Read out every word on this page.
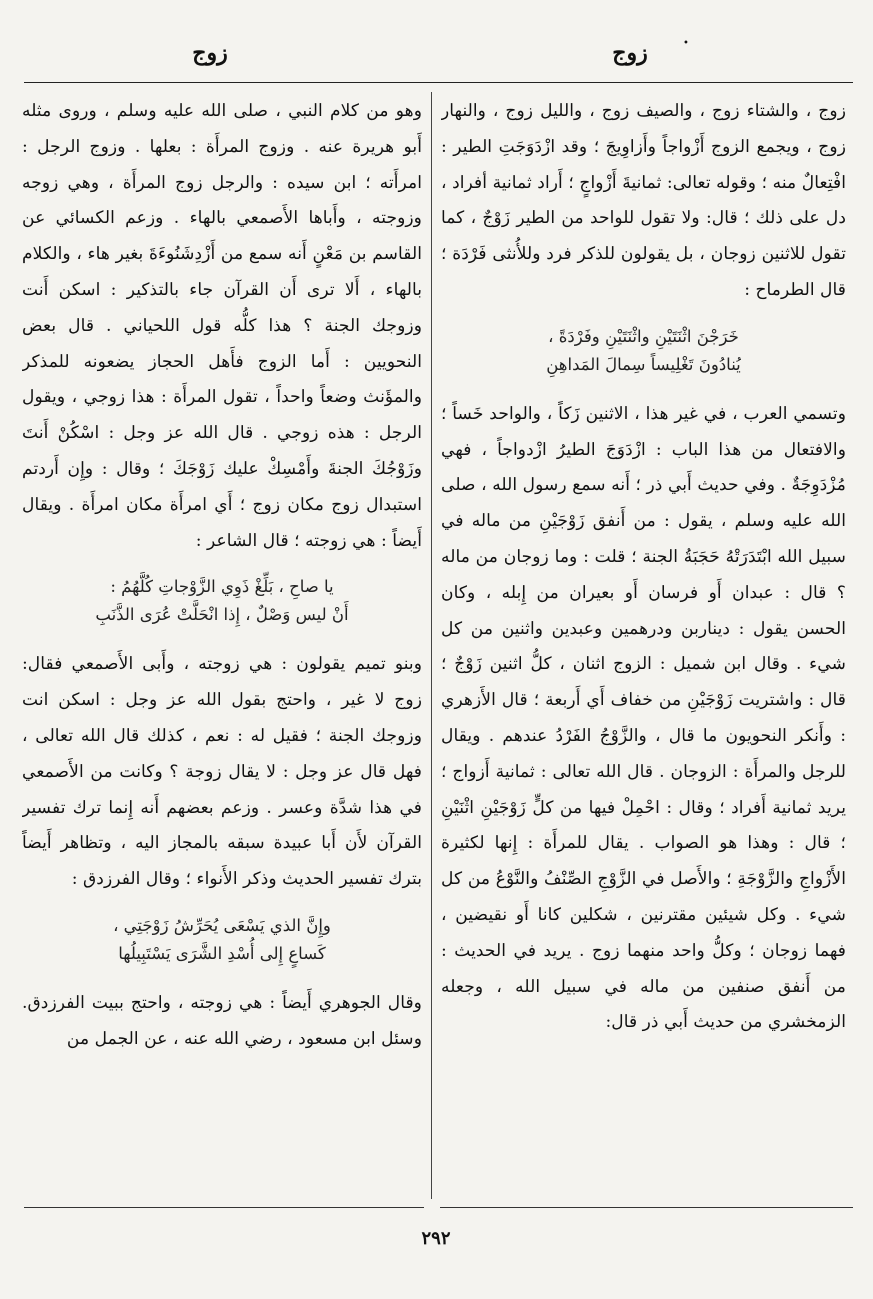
زوج	•
زوج

زوج ، والشتاء زوج ، والصيف زوج ، والليل زوج ، والنهار زوج ، ويجمع الزوج أَزْواجاً وأَزاوِيجَ ؛ وقد ازْدَوَجَتِ الطير : افْتِعالٌ منه ؛ وقوله تعالى: ثمانيةَ أَزْواجٍ ؛ أَراد ثمانية أفراد ، دل على ذلك ؛ قال: ولا تقول للواحد من الطير زَوْجٌ ، كما تقول للاثنين زوجان ، بل يقولون للذكر فرد وللأُنثى فَرْدَة ؛ قال الطرماح :

خَرَجْنَ اثْنَتَيْنِ واثْنَتَيْنِ وفَرْدَةً ،
يُنادُونَ تَغْلِيساً سِمالَ المَداهِنِ

وتسمي العرب ، في غير هذا ، الاثنين زَكاً ، والواحد خَساً ؛ والافتعال من هذا الباب : ازْدَوَجَ الطيرُ ازْدواجاً ، فهي مُزْدَوِجَةٌ . وفي حديث أَبي ذر ؛ أَنه سمع رسول الله ، صلى الله عليه وسلم ، يقول : من أَنفق زَوْجَيْنِ من ماله في سبيل الله ابْتَدَرَتْهُ حَجَبَةُ الجنة ؛ قلت : وما زوجان من ماله ؟ قال : عبدان أَو فرسان أَو بعيران من إِبله ، وكان الحسن يقول : ديناربن ودرهمين وعبدين واثنين من كل شيء . وقال ابن شميل : الزوج اثنان ، كلُّ اثنين زَوْجٌ ؛ قال : واشتريت زَوْجَيْنِ من خفاف أَي أَربعة ؛ قال الأَزهري : وأَنكر النحويون ما قال ، والزَّوْجُ الفَرْدُ عندهم . ويقال للرجل والمرأَة : الزوجان . قال الله تعالى : ثمانية أَزواج ؛ يريد ثمانية أَفراد ؛ وقال : احْمِلْ فيها من كلٍّ زَوْجَيْنِ اثْنَيْنِ ؛ قال : وهذا هو الصواب . يقال للمرأَة : إِنها لكثيرة الأَزْواجِ والزَّوْجَةِ ؛ والأَصل في الزَّوْجِ الصِّنْفُ والنَّوْعُ من كل شيء . وكل شيئين مقترنين ، شكلين كانا أَو نقيضين ، فهما زوجان ؛ وكلُّ واحد منهما زوج . يريد في الحديث : من أَنفق صنفين من ماله في سبيل الله ، وجعله الزمخشري من حديث أَبي ذر قال:

وهو من كلام النبي ، صلى الله عليه وسلم ، وروى مثله أَبو هريرة عنه . وزوج المرأَة : بعلها . وزوج الرجل : امرأَته ؛ ابن سيده : والرجل زوج المرأَة ، وهي زوجه وزوجته ، وأَباها الأَصمعي بالهاء . وزعم الكسائي عن القاسم بن مَعْنٍ أَنه سمع من أَزْدِشَنُوءَةَ بغير هاء ، والكلام بالهاء ، أَلا ترى أَن القرآن جاء بالتذكير : اسكن أَنت وزوجك الجنة ؟ هذا كلُّه قول اللحياني . قال بعض النحويين : أَما الزوج فأَهل الحجاز يضعونه للمذكر والمؤَنث وضعاً واحداً ، تقول المرأَة : هذا زوجي ، ويقول الرجل : هذه زوجي . قال الله عز وجل : اسْكُنْ أَنتَ وزَوْجُكَ الجنةَ وأَمْسِكْ عليك زَوْجَكَ ؛ وقال : وإِن أَردتم استبدال زوج مكان زوج ؛ أَي امرأَة مكان امرأَة . ويقال أَيضاً : هي زوجته ؛ قال الشاعر :

يا صاحِ ، بَلِّغْ ذَوِي الزَّوْجاتِ كُلَّهُمُ :
أَنْ ليس وَصْلٌ ، إِذا انْحَلَّتْ عُرَى الذَّنَبِ

وبنو تميم يقولون : هي زوجته ، وأَبى الأَصمعي فقال: زوج لا غير ، واحتج بقول الله عز وجل : اسكن انت وزوجك الجنة ؛ فقيل له : نعم ، كذلك قال الله تعالى ، فهل قال عز وجل : لا يقال زوجة ؟ وكانت من الأَصمعي في هذا شدَّة وعسر . وزعم بعضهم أَنه إِنما ترك تفسير القرآن لأَن أَبا عبيدة سبقه بالمجاز اليه ، وتظاهر أَيضاً بترك تفسير الحديث وذكر الأَنواء ؛ وقال الفرزدق :

وإِنَّ الذي يَسْعَى يُحَرِّشُ زَوْجَتِي ،
كَساعٍ إِلى أُسْدِ الشَّرَى يَسْتَبِيلُها

وقال الجوهري أَيضاً : هي زوجته ، واحتج ببيت الفرزدق. وسئل ابن مسعود ، رضي الله عنه ، عن الجمل من

٢٩٢
